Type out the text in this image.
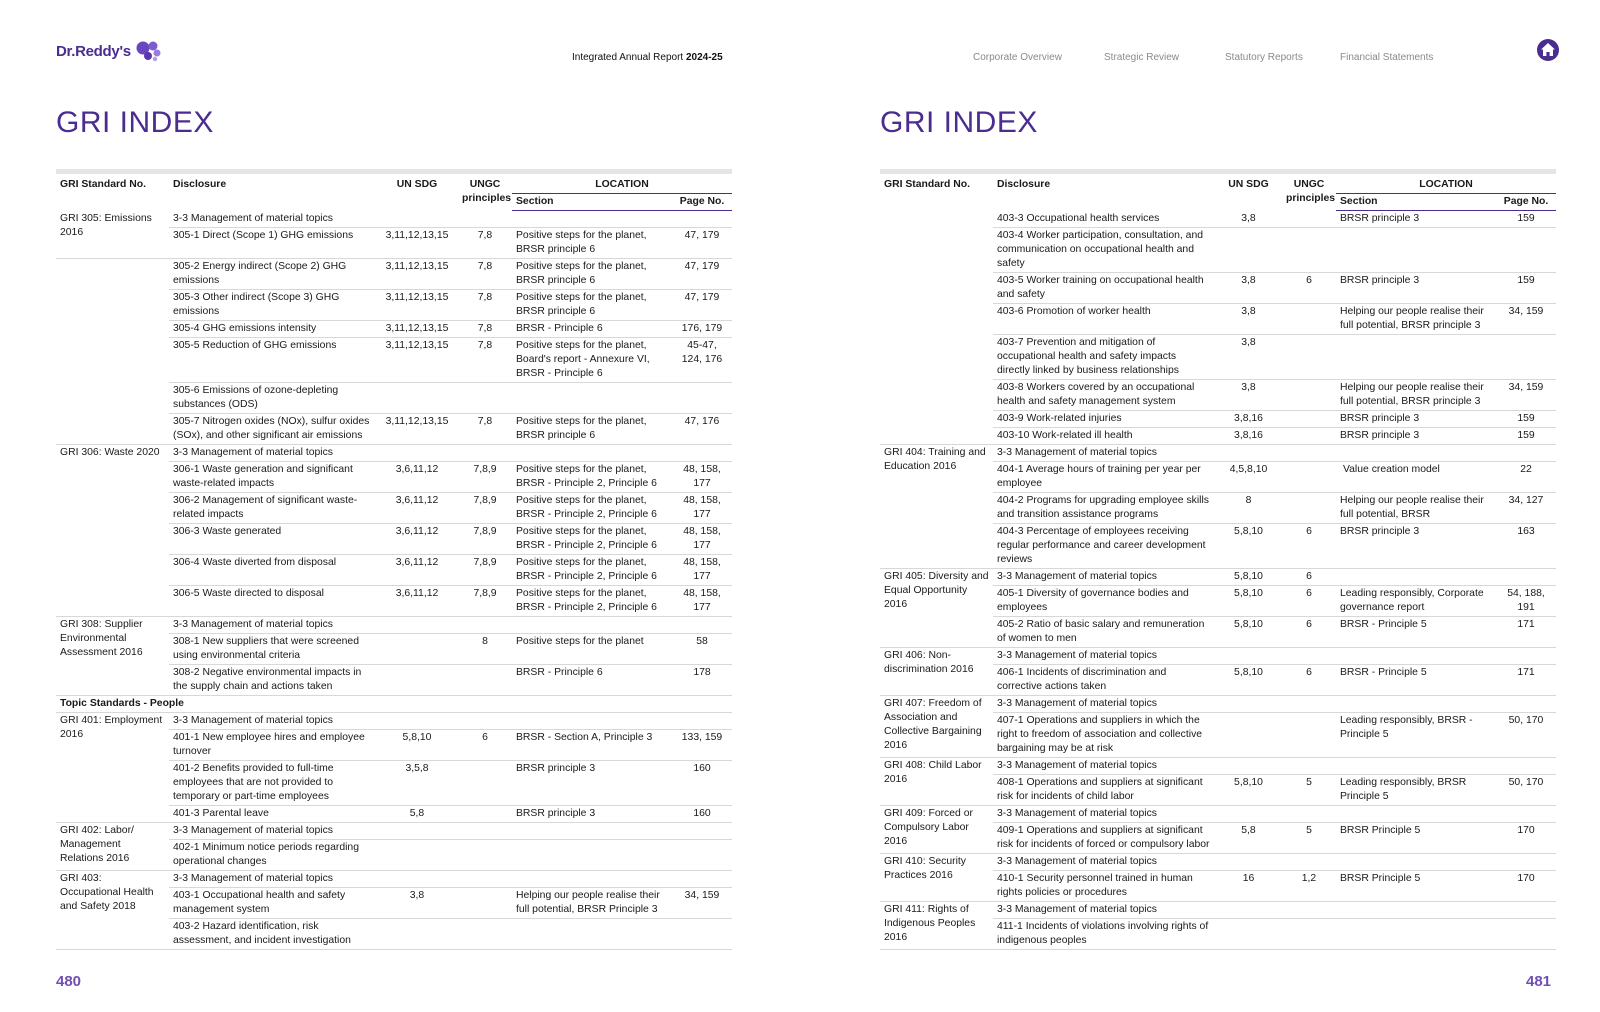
Dr.Reddy's	Integrated Annual Report 2024-25	Corporate Overview	Strategic Review	Statutory Reports	Financial Statements
GRI INDEX	GRI INDEX
GRI Standard No.	Disclosure	UN SDG	UNGC principles	LOCATION	
				Section	Page No.
GRI 305: Emissions 2016	3-3 Management of material topics				
	305-1 Direct (Scope 1) GHG emissions	3,11,12,13,15	7,8	Positive steps for the planet, BRSR principle 6	47, 179
	305-2 Energy indirect (Scope 2) GHG emissions	3,11,12,13,15	7,8	Positive steps for the planet, BRSR principle 6	47, 179
	305-3 Other indirect (Scope 3) GHG emissions	3,11,12,13,15	7,8	Positive steps for the planet, BRSR principle 6	47, 179
	305-4 GHG emissions intensity	3,11,12,13,15	7,8	BRSR - Principle 6	176, 179
	305-5 Reduction of GHG emissions	3,11,12,13,15	7,8	Positive steps for the planet, Board's report - Annexure VI, BRSR - Principle 6	45-47, 124, 176
	305-6 Emissions of ozone-depleting substances (ODS)				
	305-7 Nitrogen oxides (NOx), sulfur oxides (SOx), and other significant air emissions	3,11,12,13,15	7,8	Positive steps for the planet, BRSR principle 6	47, 176
GRI 306: Waste 2020	3-3 Management of material topics				
	306-1 Waste generation and significant waste-related impacts	3,6,11,12	7,8,9	Positive steps for the planet, BRSR - Principle 2, Principle 6	48, 158, 177
	306-2 Management of significant waste-related impacts	3,6,11,12	7,8,9	Positive steps for the planet, BRSR - Principle 2, Principle 6	48, 158, 177
	306-3 Waste generated	3,6,11,12	7,8,9	Positive steps for the planet, BRSR - Principle 2, Principle 6	48, 158, 177
	306-4 Waste diverted from disposal	3,6,11,12	7,8,9	Positive steps for the planet, BRSR - Principle 2, Principle 6	48, 158, 177
	306-5 Waste directed to disposal	3,6,11,12	7,8,9	Positive steps for the planet, BRSR - Principle 2, Principle 6	48, 158, 177
GRI 308: Supplier Environmental Assessment 2016	3-3 Management of material topics				
	308-1 New suppliers that were screened using environmental criteria		8	Positive steps for the planet	58
	308-2 Negative environmental impacts in the supply chain and actions taken			BRSR - Principle 6	178
Topic Standards - People					
GRI 401: Employment 2016	3-3 Management of material topics				
	401-1 New employee hires and employee turnover	5,8,10	6	BRSR - Section A, Principle 3	133, 159
	401-2 Benefits provided to full-time employees that are not provided to temporary or part-time employees	3,5,8		BRSR principle 3	160
	401-3 Parental leave	5,8		BRSR principle 3	160
GRI 402: Labor/ Management Relations 2016	3-3 Management of material topics				
	402-1 Minimum notice periods regarding operational changes				
GRI 403: Occupational Health and Safety 2018	3-3 Management of material topics				
	403-1 Occupational health and safety management system	3,8		Helping our people realise their full potential, BRSR Principle 3	34, 159
	403-2 Hazard identification, risk assessment, and incident investigation				
GRI Standard No.	Disclosure	UN SDG	UNGC principles	LOCATION	
				Section	Page No.
	403-3 Occupational health services	3,8		BRSR principle 3	159
	403-4 Worker participation, consultation, and communication on occupational health and safety				
	403-5 Worker training on occupational health and safety	3,8	6	BRSR principle 3	159
	403-6 Promotion of worker health	3,8		Helping our people realise their full potential, BRSR principle 3	34, 159
	403-7 Prevention and mitigation of occupational health and safety impacts directly linked by business relationships	3,8			
	403-8 Workers covered by an occupational health and safety management system	3,8		Helping our people realise their full potential, BRSR principle 3	34, 159
	403-9 Work-related injuries	3,8,16		BRSR principle 3	159
	403-10 Work-related ill health	3,8,16		BRSR principle 3	159
GRI 404: Training and Education 2016	3-3 Management of material topics				
	404-1 Average hours of training per year per employee	4,5,8,10		Value creation model	22
	404-2 Programs for upgrading employee skills and transition assistance programs	8		Helping our people realise their full potential, BRSR	34, 127
	404-3 Percentage of employees receiving regular performance and career development reviews	5,8,10	6	BRSR principle 3	163
GRI 405: Diversity and Equal Opportunity 2016	3-3 Management of material topics	5,8,10	6		
	405-1 Diversity of governance bodies and employees	5,8,10	6	Leading responsibly, Corporate governance report	54, 188, 191
	405-2 Ratio of basic salary and remuneration of women to men	5,8,10	6	BRSR - Principle 5	171
GRI 406: Non-discrimination 2016	3-3 Management of material topics				
	406-1 Incidents of discrimination and corrective actions taken	5,8,10	6	BRSR - Principle 5	171
GRI 407: Freedom of Association and Collective Bargaining 2016	3-3 Management of material topics				
	407-1 Operations and suppliers in which the right to freedom of association and collective bargaining may be at risk			Leading responsibly, BRSR - Principle 5	50, 170
GRI 408: Child Labor 2016	3-3 Management of material topics				
	408-1 Operations and suppliers at significant risk for incidents of child labor	5,8,10	5	Leading responsibly, BRSR Principle 5	50, 170
GRI 409: Forced or Compulsory Labor 2016	3-3 Management of material topics				
	409-1 Operations and suppliers at significant risk for incidents of forced or compulsory labor	5,8	5	BRSR Principle 5	170
GRI 410: Security Practices 2016	3-3 Management of material topics				
	410-1 Security personnel trained in human rights policies or procedures	16	1,2	BRSR Principle 5	170
GRI 411: Rights of Indigenous Peoples 2016	3-3 Management of material topics				
	411-1 Incidents of violations involving rights of indigenous peoples				
480	481
